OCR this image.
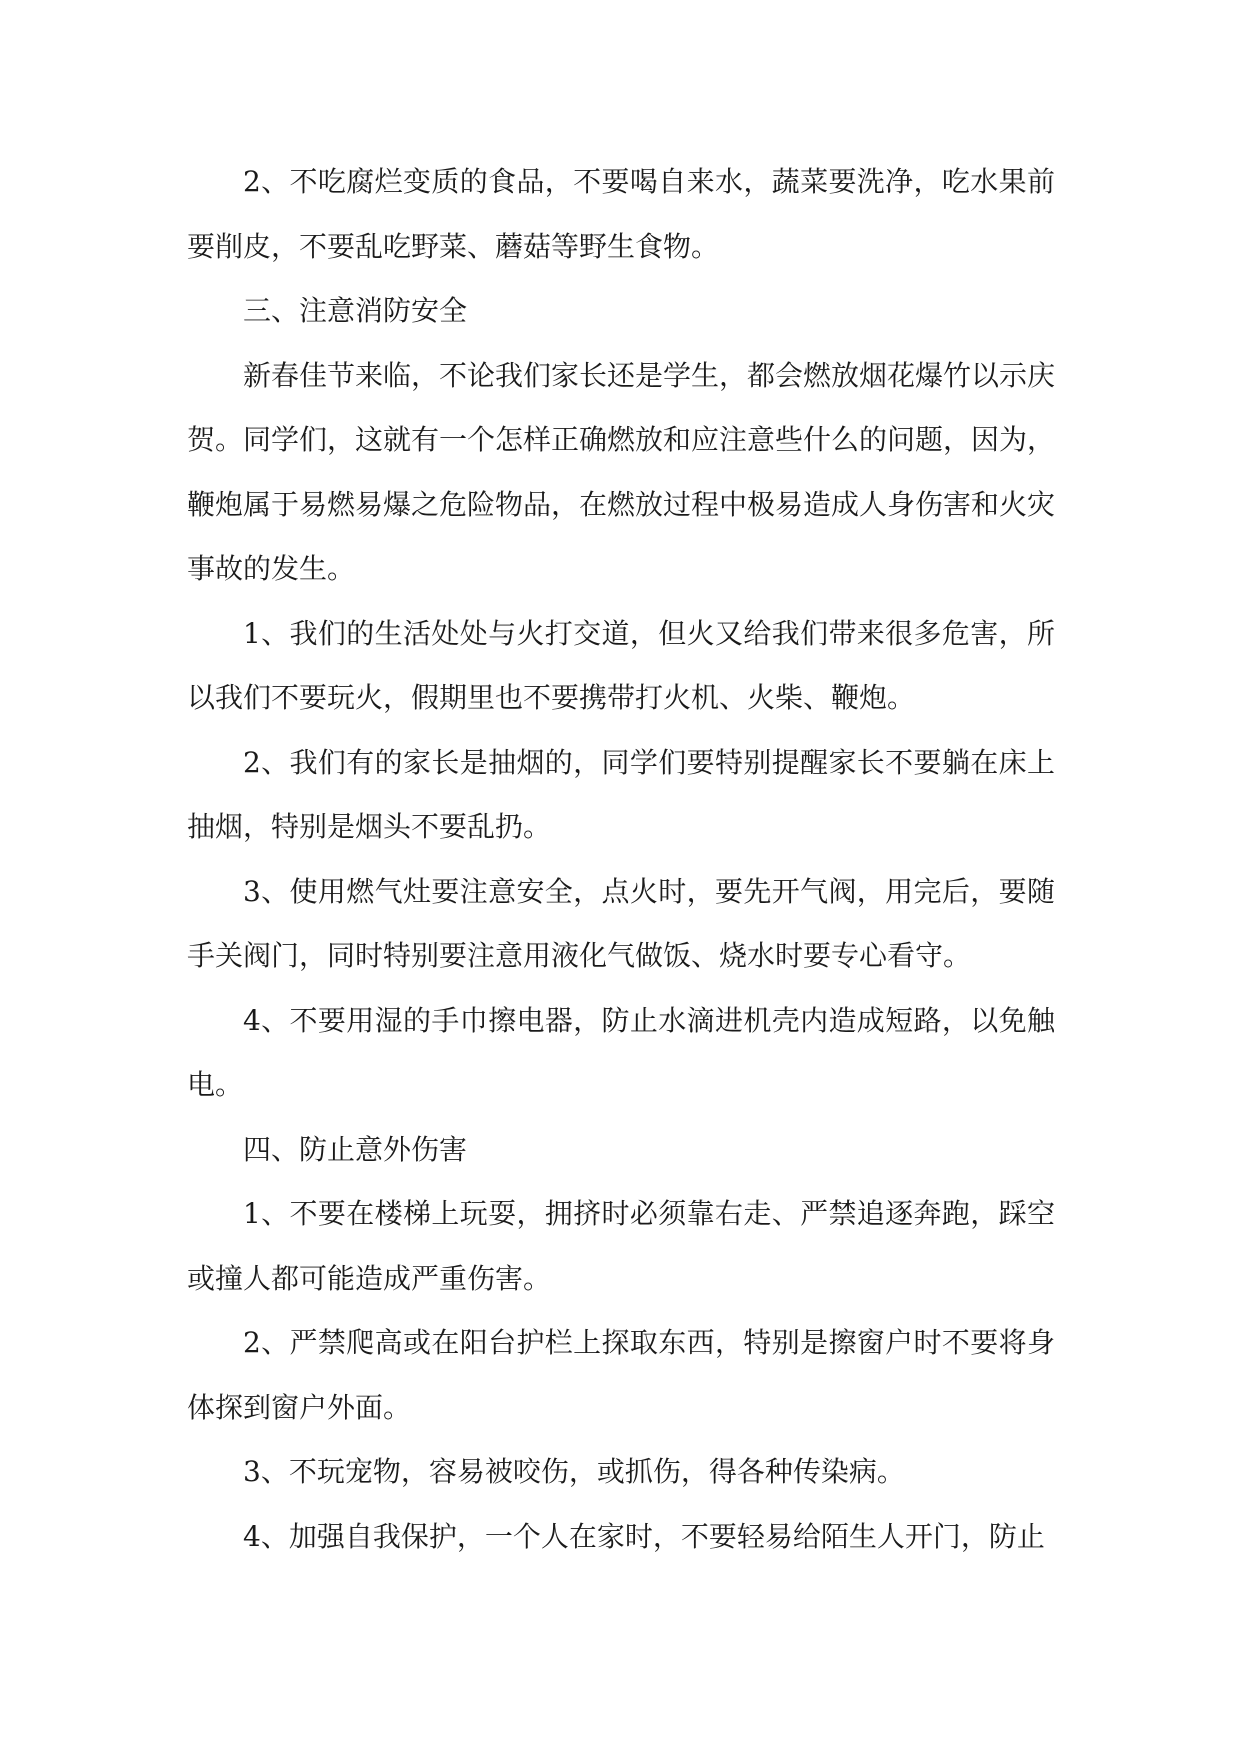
2、不吃腐烂变质的食品，不要喝自来水，蔬菜要洗净，吃水果前要削皮，不要乱吃野菜、蘑菇等野生食物。

三、注意消防安全

新春佳节来临，不论我们家长还是学生，都会燃放烟花爆竹以示庆贺。同学们，这就有一个怎样正确燃放和应注意些什么的问题，因为，鞭炮属于易燃易爆之危险物品，在燃放过程中极易造成人身伤害和火灾事故的发生。

1、我们的生活处处与火打交道，但火又给我们带来很多危害，所以我们不要玩火，假期里也不要携带打火机、火柴、鞭炮。

2、我们有的家长是抽烟的，同学们要特别提醒家长不要躺在床上抽烟，特别是烟头不要乱扔。

3、使用燃气灶要注意安全，点火时，要先开气阀，用完后，要随手关阀门，同时特别要注意用液化气做饭、烧水时要专心看守。

4、不要用湿的手巾擦电器，防止水滴进机壳内造成短路，以免触电。

四、防止意外伤害

1、不要在楼梯上玩耍，拥挤时必须靠右走、严禁追逐奔跑，踩空或撞人都可能造成严重伤害。

2、严禁爬高或在阳台护栏上探取东西，特别是擦窗户时不要将身体探到窗户外面。

3、不玩宠物，容易被咬伤，或抓伤，得各种传染病。

4、加强自我保护，一个人在家时，不要轻易给陌生人开门，防止
